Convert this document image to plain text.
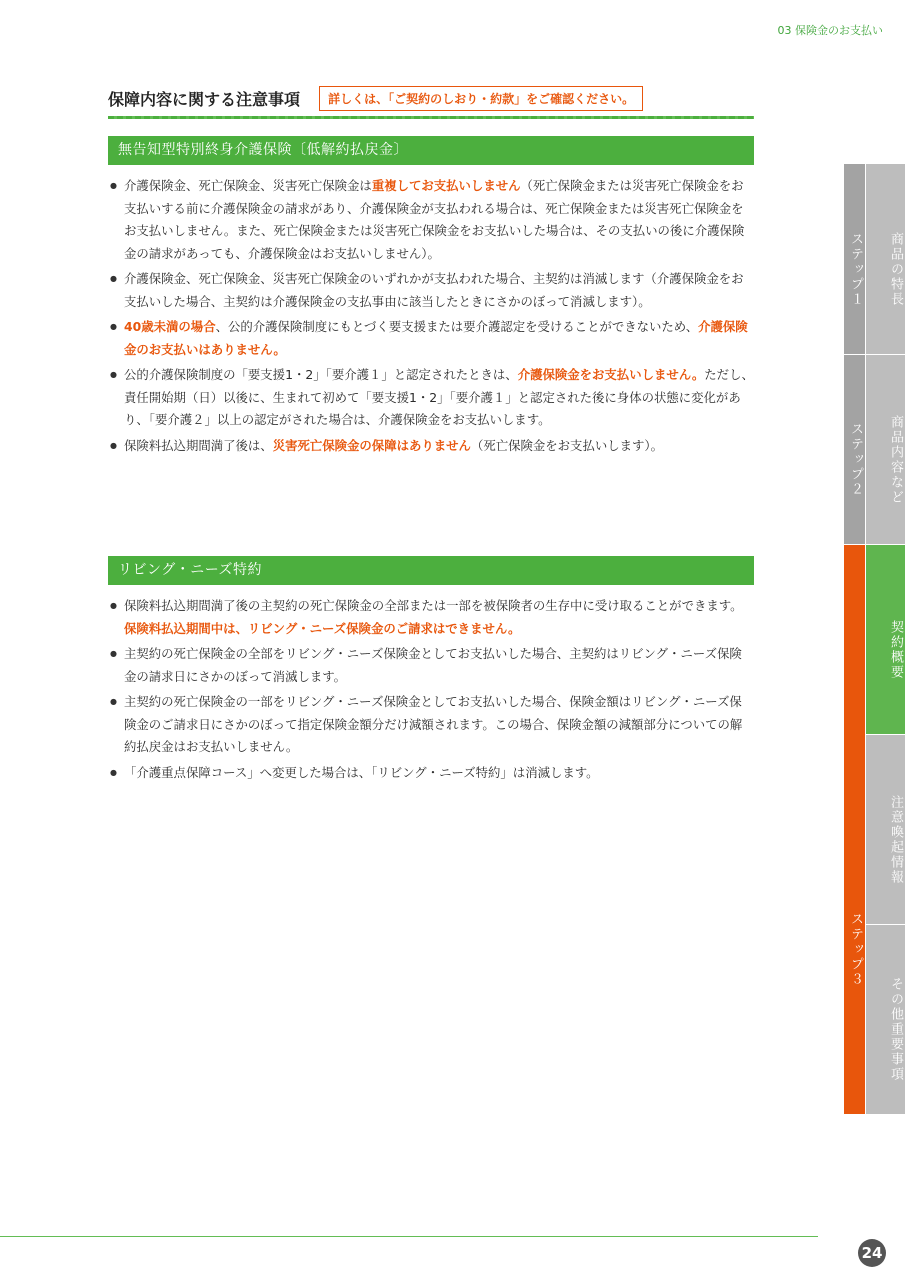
03 保険金のお支払い
保障内容に関する注意事項 詳しくは、「ご契約のしおり・約款」をご確認ください。
無告知型特別終身介護保険〔低解約払戻金〕
● 介護保険金、死亡保険金、災害死亡保険金は重複してお支払いしません（死亡保険金または災害死亡保険金をお支払いする前に介護保険金の請求があり、介護保険金が支払われる場合は、死亡保険金または災害死亡保険金をお支払いしません。また、死亡保険金または災害死亡保険金をお支払いした場合は、その支払いの後に介護保険金の請求があっても、介護保険金はお支払いしません）。
● 介護保険金、死亡保険金、災害死亡保険金のいずれかが支払われた場合、主契約は消滅します（介護保険金をお支払いした場合、主契約は介護保険金の支払事由に該当したときにさかのぼって消滅します）。
● 40歳未満の場合、公的介護保険制度にもとづく要支援または要介護認定を受けることができないため、介護保険金のお支払いはありません。
● 公的介護保険制度の「要支援1・2」「要介護１」と認定されたときは、介護保険金をお支払いしません。ただし、責任開始期（日）以後に、生まれて初めて「要支援1・2」「要介護１」と認定された後に身体の状態に変化があり、「要介護２」以上の認定がされた場合は、介護保険金をお支払いします。
● 保険料払込期間満了後は、災害死亡保険金の保障はありません（死亡保険金をお支払いします）。
リビング・ニーズ特約
● 保険料払込期間満了後の主契約の死亡保険金の全部または一部を被保険者の生存中に受け取ることができます。保険料払込期間中は、リビング・ニーズ保険金のご請求はできません。
● 主契約の死亡保険金の全部をリビング・ニーズ保険金としてお支払いした場合、主契約はリビング・ニーズ保険金の請求日にさかのぼって消滅します。
● 主契約の死亡保険金の一部をリビング・ニーズ保険金としてお支払いした場合、保険金額はリビング・ニーズ保険金のご請求日にさかのぼって指定保険金額分だけ減額されます。この場合、保険金額の減額部分についての解約払戻金はお支払いしません。
● 「介護重点保障コース」へ変更した場合は、「リビング・ニーズ特約」は消滅します。
ステップ１	商品の特長
ステップ２	商品内容など
ステップ３
契約概要
注意喚起情報
その他重要事項
24
